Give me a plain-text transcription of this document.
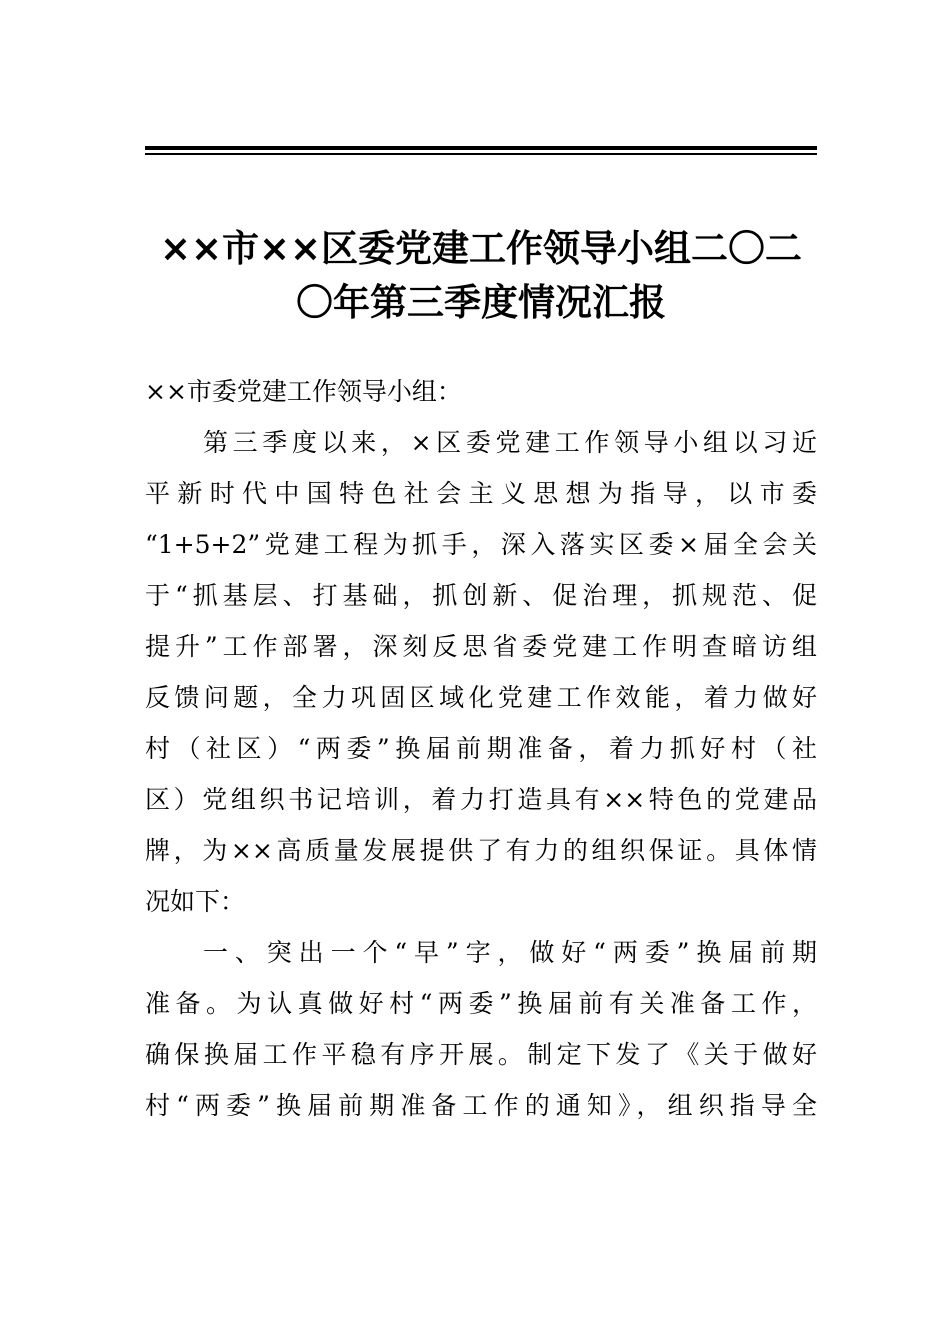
××市××区委党建工作领导小组二〇二
〇年第三季度情况汇报

××市委党建工作领导小组：

第三季度以来，×区委党建工作领导小组以习近
平新时代中国特色社会主义思想为指导，以市委
“1+5+2”党建工程为抓手，深入落实区委×届全会关
于“抓基层、打基础，抓创新、促治理，抓规范、促
提升”工作部署，深刻反思省委党建工作明查暗访组
反馈问题，全力巩固区域化党建工作效能，着力做好
村（社区）“两委”换届前期准备，着力抓好村（社
区）党组织书记培训，着力打造具有××特色的党建品
牌，为××高质量发展提供了有力的组织保证。具体情
况如下：

一、突出一个“早”字，做好“两委”换届前期
准备。为认真做好村“两委”换届前有关准备工作，
确保换届工作平稳有序开展。制定下发了《关于做好
村“两委”换届前期准备工作的通知》，组织指导全
